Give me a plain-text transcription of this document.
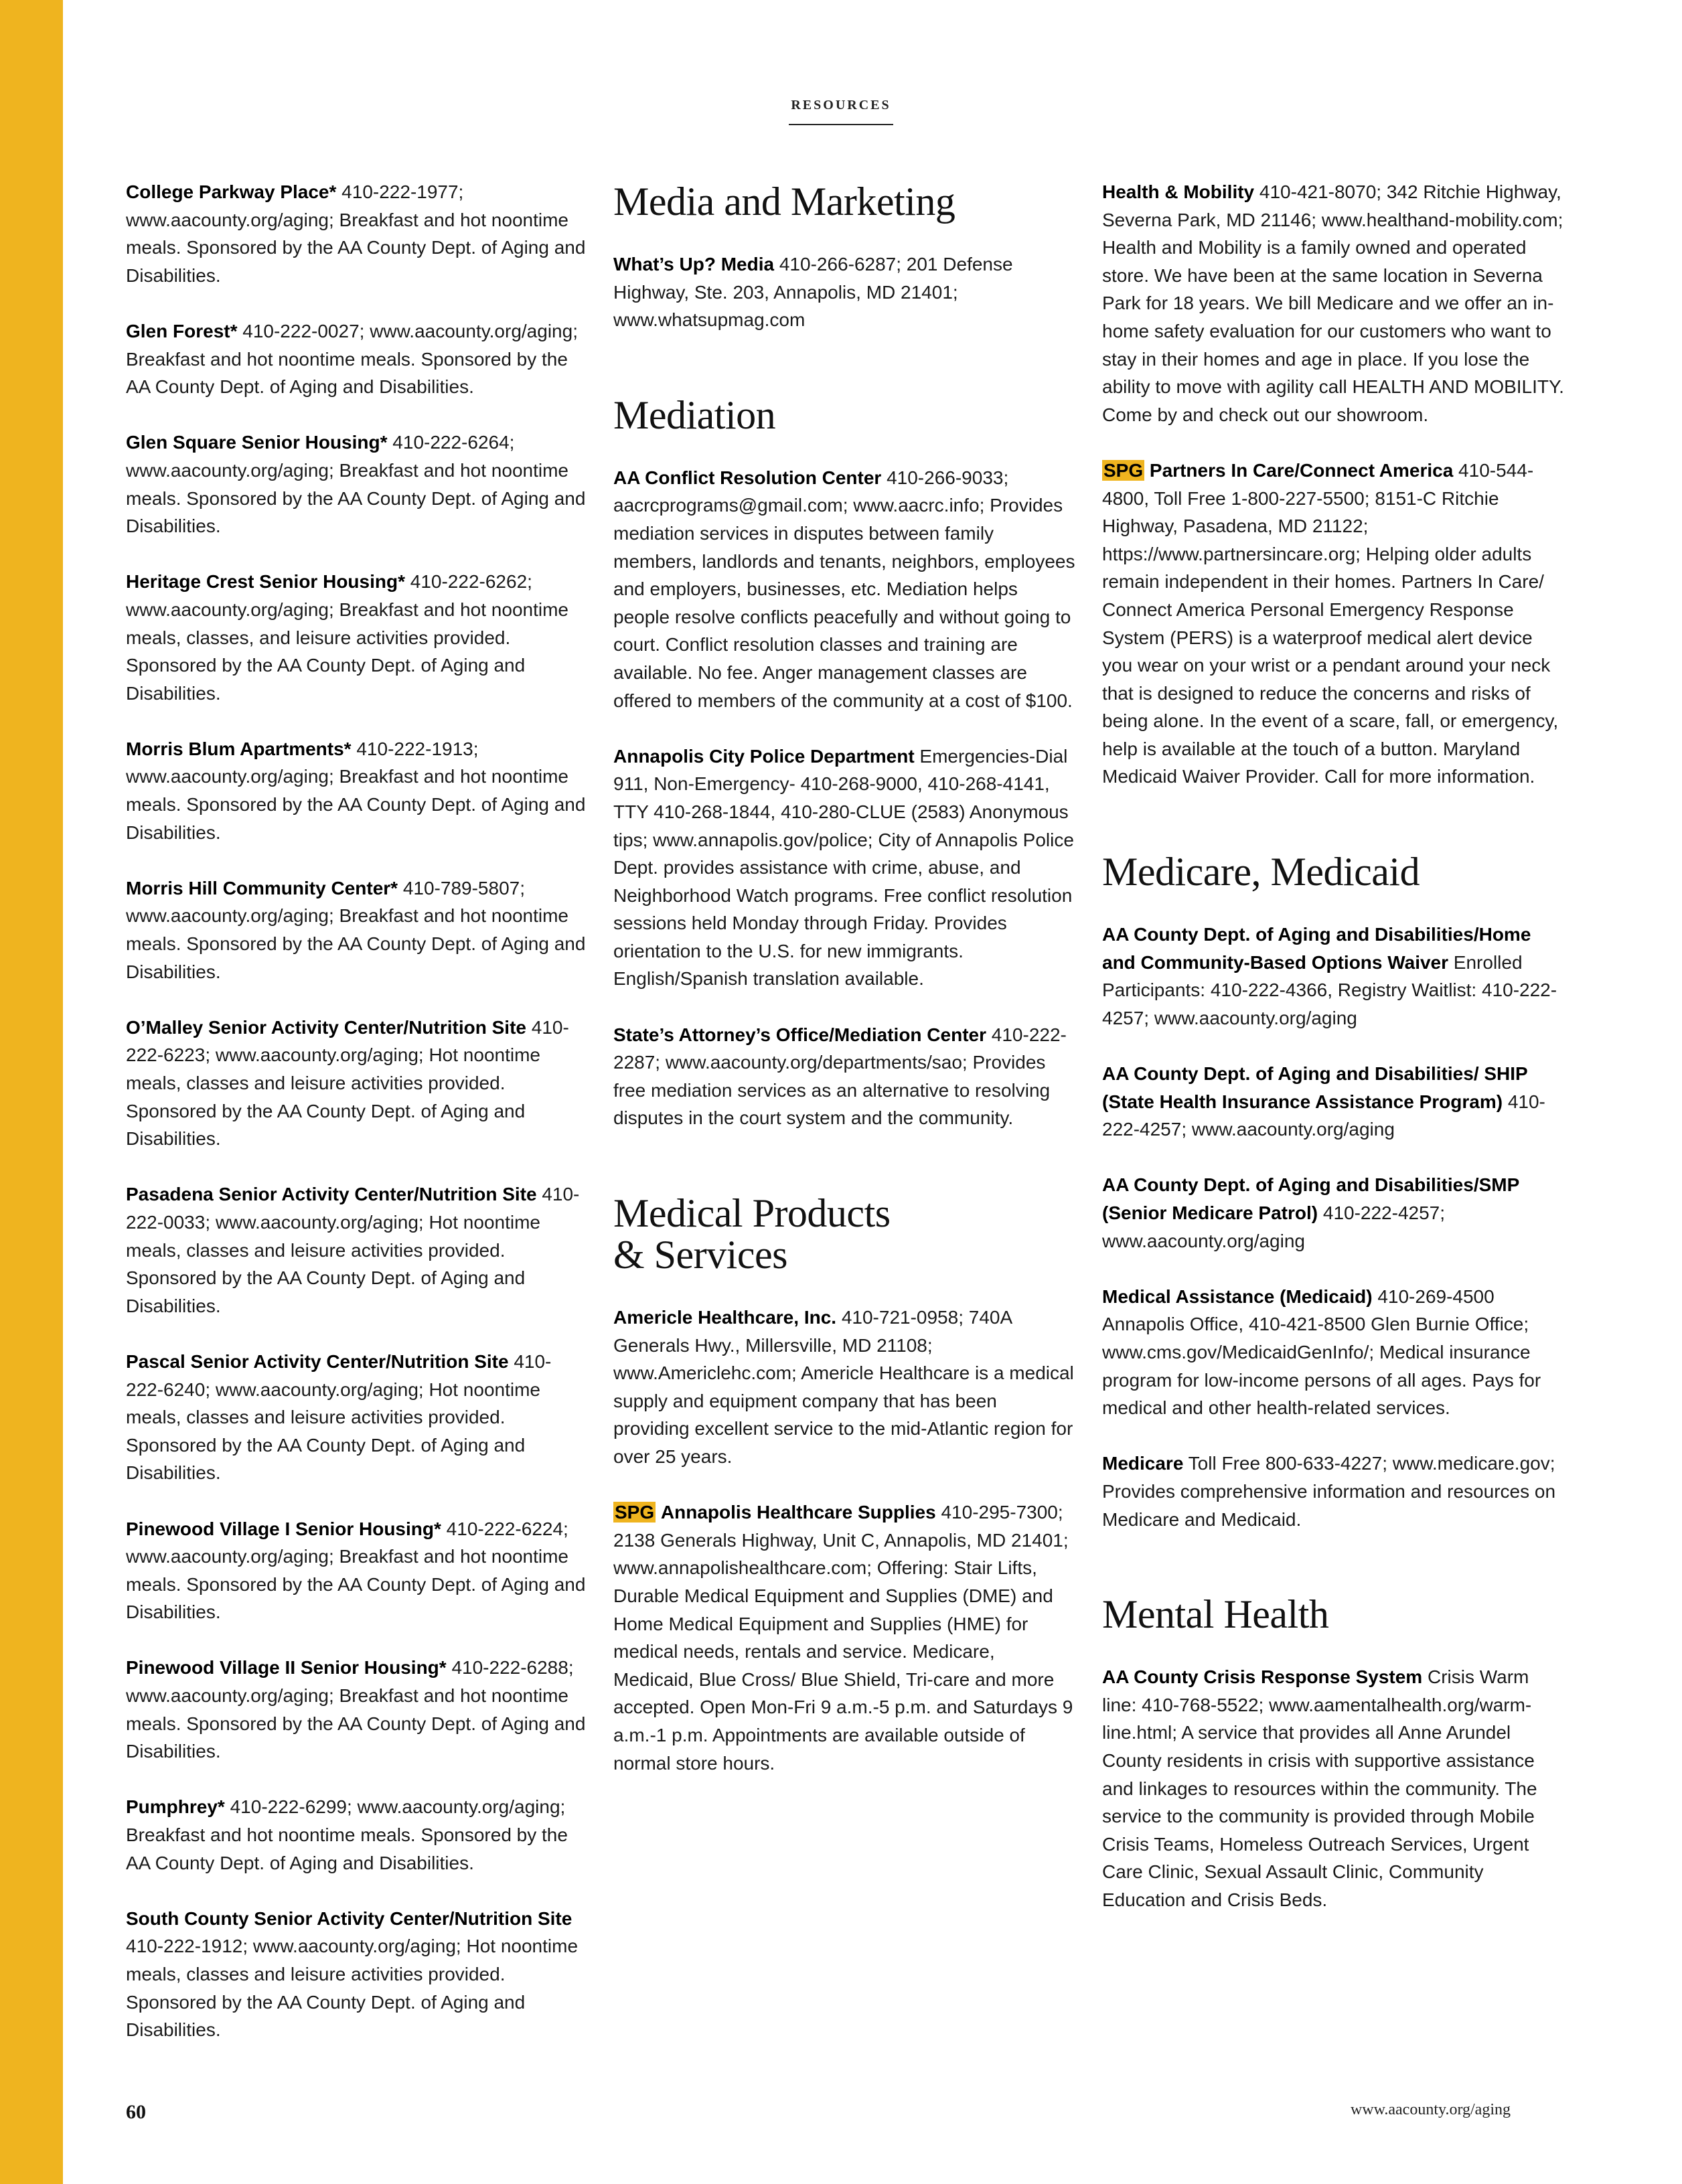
RESOURCES

College Parkway Place* 410-222-1977; www.aacounty.org/aging; Breakfast and hot noontime meals. Sponsored by the AA County Dept. of Aging and Disabilities.

Glen Forest* 410-222-0027; www.aacounty.org/aging; Breakfast and hot noontime meals. Sponsored by the AA County Dept. of Aging and Disabilities.

Glen Square Senior Housing* 410-222-6264; www.aacounty.org/aging; Breakfast and hot noontime meals. Sponsored by the AA County Dept. of Aging and Disabilities.

Heritage Crest Senior Housing* 410-222-6262; www.aacounty.org/aging; Breakfast and hot noontime meals, classes, and leisure activities provided. Sponsored by the AA County Dept. of Aging and Disabilities.

Morris Blum Apartments* 410-222-1913; www.aacounty.org/aging; Breakfast and hot noontime meals. Sponsored by the AA County Dept. of Aging and Disabilities.

Morris Hill Community Center* 410-789-5807; www.aacounty.org/aging; Breakfast and hot noontime meals. Sponsored by the AA County Dept. of Aging and Disabilities.

O’Malley Senior Activity Center/Nutrition Site 410-222-6223; www.aacounty.org/aging; Hot noontime meals, classes and leisure activities provided. Sponsored by the AA County Dept. of Aging and Disabilities.

Pasadena Senior Activity Center/Nutrition Site 410-222-0033; www.aacounty.org/aging; Hot noontime meals, classes and leisure activities provided. Sponsored by the AA County Dept. of Aging and Disabilities.

Pascal Senior Activity Center/Nutrition Site 410-222-6240; www.aacounty.org/aging; Hot noontime meals, classes and leisure activities provided. Sponsored by the AA County Dept. of Aging and Disabilities.

Pinewood Village I Senior Housing* 410-222-6224; www.aacounty.org/aging; Breakfast and hot noontime meals. Sponsored by the AA County Dept. of Aging and Disabilities.

Pinewood Village II Senior Housing* 410-222-6288; www.aacounty.org/aging; Breakfast and hot noontime meals. Sponsored by the AA County Dept. of Aging and Disabilities.

Pumphrey* 410-222-6299; www.aacounty.org/aging; Breakfast and hot noontime meals. Sponsored by the AA County Dept. of Aging and Disabilities.

South County Senior Activity Center/Nutrition Site 410-222-1912; www.aacounty.org/aging; Hot noontime meals, classes and leisure activities provided. Sponsored by the AA County Dept. of Aging and Disabilities.

Media and Marketing

What’s Up? Media 410-266-6287; 201 Defense Highway, Ste. 203, Annapolis, MD 21401; www.whatsupmag.com

Mediation

AA Conflict Resolution Center 410-266-9033; aacrcprograms@gmail.com; www.aacrc.info; Provides mediation services in disputes between family members, landlords and tenants, neighbors, employees and employers, businesses, etc. Mediation helps people resolve conflicts peacefully and without going to court. Conflict resolution classes and training are available. No fee. Anger management classes are offered to members of the community at a cost of $100.

Annapolis City Police Department Emergencies-Dial 911, Non-Emergency- 410-268-9000, 410-268-4141, TTY 410-268-1844, 410-280-CLUE (2583) Anonymous tips; www.annapolis.gov/police; City of Annapolis Police Dept. provides assistance with crime, abuse, and Neighborhood Watch programs. Free conflict resolution sessions held Monday through Friday. Provides orientation to the U.S. for new immigrants. English/Spanish translation available.

State’s Attorney’s Office/Mediation Center 410-222-2287; www.aacounty.org/departments/sao; Provides free mediation services as an alternative to resolving disputes in the court system and the community.

Medical Products
& Services

Americle Healthcare, Inc. 410-721-0958; 740A Generals Hwy., Millersville, MD 21108; www.Americlehc.com; Americle Healthcare is a medical supply and equipment company that has been providing excellent service to the mid-Atlantic region for over 25 years.

SPG Annapolis Healthcare Supplies 410-295-7300; 2138 Generals Highway, Unit C, Annapolis, MD 21401; www.annapolishealthcare.com; Offering: Stair Lifts, Durable Medical Equipment and Supplies (DME) and Home Medical Equipment and Supplies (HME) for medical needs, rentals and service. Medicare, Medicaid, Blue Cross/ Blue Shield, Tri-care and more accepted. Open Mon-Fri 9 a.m.-5 p.m. and Saturdays 9 a.m.-1 p.m. Appointments are available outside of normal store hours.

Health & Mobility 410-421-8070; 342 Ritchie Highway, Severna Park, MD 21146; www.healthand-mobility.com; Health and Mobility is a family owned and operated store. We have been at the same location in Severna Park for 18 years. We bill Medicare and we offer an in-home safety evaluation for our customers who want to stay in their homes and age in place. If you lose the ability to move with agility call HEALTH AND MOBILITY. Come by and check out our showroom.

SPG Partners In Care/Connect America 410-544-4800, Toll Free 1-800-227-5500; 8151-C Ritchie Highway, Pasadena, MD 21122; https://www.partnersincare.org; Helping older adults remain independent in their homes. Partners In Care/ Connect America Personal Emergency Response System (PERS) is a waterproof medical alert device you wear on your wrist or a pendant around your neck that is designed to reduce the concerns and risks of being alone. In the event of a scare, fall, or emergency, help is available at the touch of a button. Maryland Medicaid Waiver Provider. Call for more information.

Medicare, Medicaid

AA County Dept. of Aging and Disabilities/Home and Community-Based Options Waiver Enrolled Participants: 410-222-4366, Registry Waitlist: 410-222-4257; www.aacounty.org/aging

AA County Dept. of Aging and Disabilities/ SHIP (State Health Insurance Assistance Program) 410-222-4257; www.aacounty.org/aging

AA County Dept. of Aging and Disabilities/SMP (Senior Medicare Patrol) 410-222-4257; www.aacounty.org/aging

Medical Assistance (Medicaid) 410-269-4500 Annapolis Office, 410-421-8500 Glen Burnie Office; www.cms.gov/MedicaidGenInfo/; Medical insurance program for low-income persons of all ages. Pays for medical and other health-related services.

Medicare Toll Free 800-633-4227; www.medicare.gov; Provides comprehensive information and resources on Medicare and Medicaid.

Mental Health

AA County Crisis Response System Crisis Warm line: 410-768-5522; www.aamentalhealth.org/warm-line.html; A service that provides all Anne Arundel County residents in crisis with supportive assistance and linkages to resources within the community. The service to the community is provided through Mobile Crisis Teams, Homeless Outreach Services, Urgent Care Clinic, Sexual Assault Clinic, Community Education and Crisis Beds.

60	www.aacounty.org/aging
